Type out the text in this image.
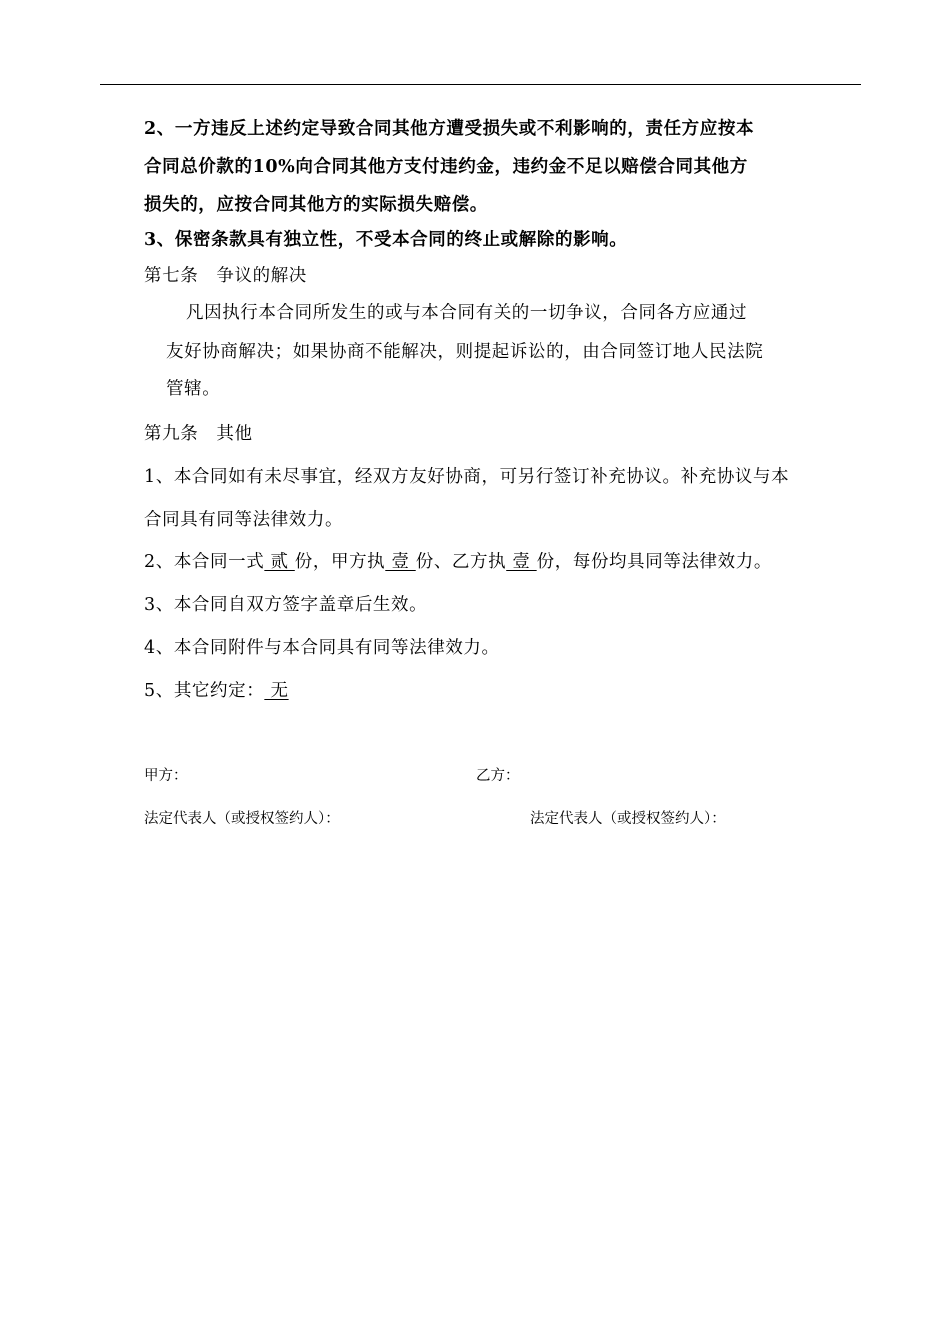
2、一方违反上述约定导致合同其他方遭受损失或不利影响的，责任方应按本
合同总价款的10%向合同其他方支付违约金，违约金不足以赔偿合同其他方
损失的，应按合同其他方的实际损失赔偿。
3、保密条款具有独立性，不受本合同的终止或解除的影响。
第七条　争议的解决
凡因执行本合同所发生的或与本合同有关的一切争议，合同各方应通过
友好协商解决；如果协商不能解决，则提起诉讼的，由合同签订地人民法院
管辖。
第九条　其他
1、本合同如有未尽事宜，经双方友好协商，可另行签订补充协议。补充协议与本
合同具有同等法律效力。
2、本合同一式 贰 份，甲方执 壹 份、乙方执 壹 份，每份均具同等法律效力。
3、本合同自双方签字盖章后生效。
4、本合同附件与本合同具有同等法律效力。
5、其它约定： 无
甲方：	乙方：
法定代表人（或授权签约人）：	法定代表人（或授权签约人）：
